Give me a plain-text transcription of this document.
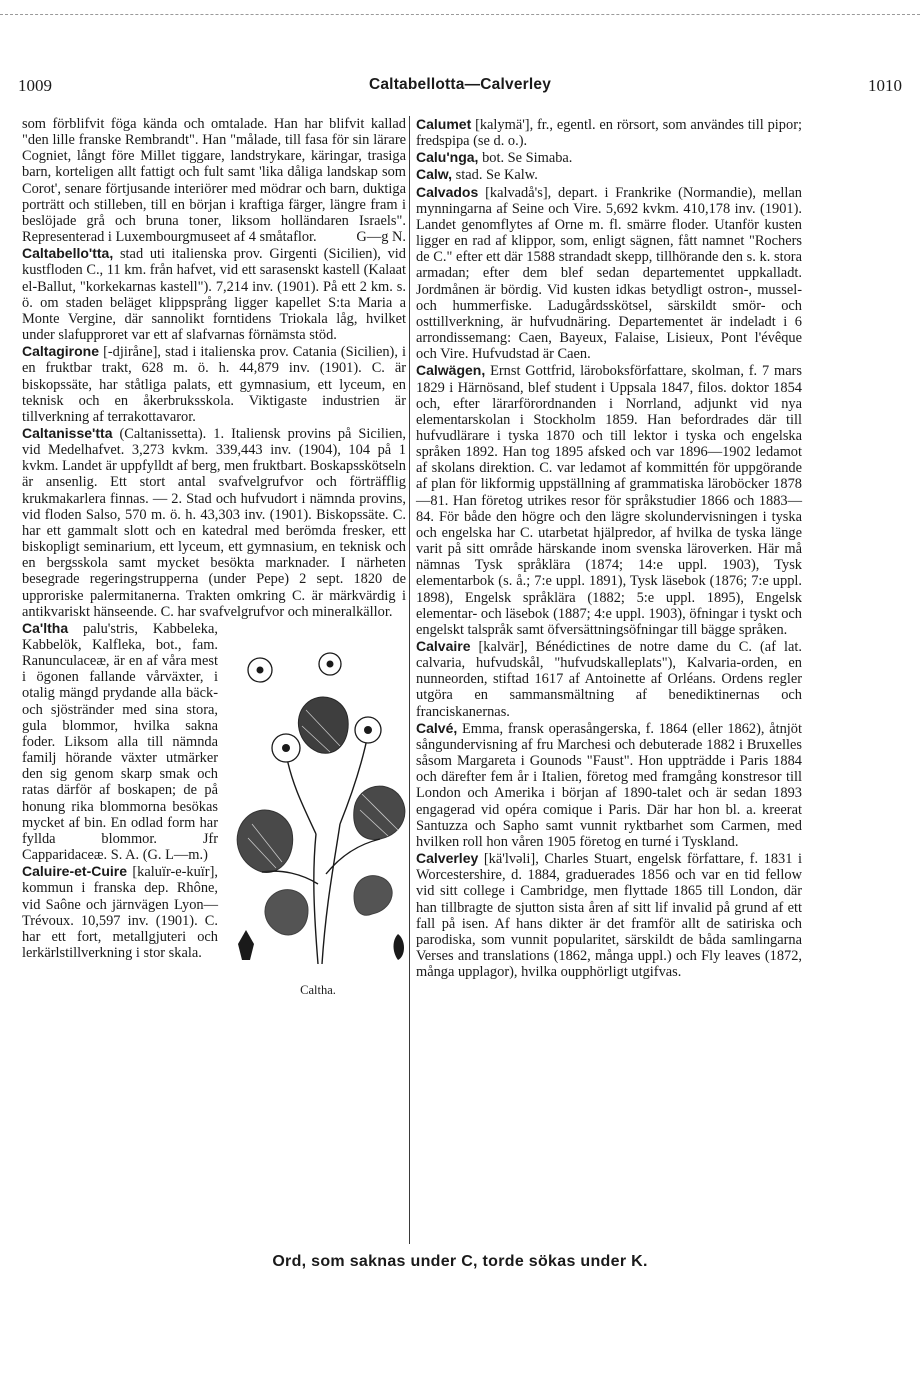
1009	Caltabellotta—Calverley	1010

som förblifvit föga kända och omtalade. Han har blifvit kallad "den lille franske Rembrandt". Han "målade, till fasa för sin lärare Cogniet, långt före Millet tiggare, landstrykare, käringar, trasiga barn, korteligen allt fattigt och fult samt 'lika dåliga landskap som Corot', senare förtjusande interiörer med mödrar och barn, duktiga porträtt och stilleben, till en början i kraftiga färger, längre fram i beslöjade grå och bruna toner, liksom holländaren Israels". Representerad i Luxembourgmuseet af 4 småtaflor.	G—g N.

Caltabello'tta, stad uti italienska prov. Girgenti (Sicilien), vid kustfloden C., 11 km. från hafvet, vid ett sarasenskt kastell (Kalaat el-Ballut, "korkekarnas kastell"). 7,214 inv. (1901). På ett 2 km. s. ö. om staden beläget klippsprång ligger kapellet S:ta Maria a Monte Vergine, där sannolikt forntidens Triokala låg, hvilket under slafupproret var ett af slafvarnas förnämsta stöd.

Caltagirone [-djiråne], stad i italienska prov. Catania (Sicilien), i en fruktbar trakt, 628 m. ö. h. 44,879 inv. (1901). C. är biskopssäte, har ståtliga palats, ett gymnasium, ett lyceum, en teknisk och en åkerbruksskola. Viktigaste industrien är tillverkning af terrakottavaror.

Caltanisse'tta (Caltanissetta). 1. Italiensk provins på Sicilien, vid Medelhafvet. 3,273 kvkm. 339,443 inv. (1904), 104 på 1 kvkm. Landet är uppfylldt af berg, men fruktbart. Boskapsskötseln är ansenlig. Ett stort antal svafvelgrufvor och förträfflig krukmakarlera finnas. — 2. Stad och hufvudort i nämnda provins, vid floden Salso, 570 m. ö. h. 43,303 inv. (1901). Biskopssäte. C. har ett gammalt slott och en katedral med berömda fresker, ett biskopligt seminarium, ett lyceum, ett gymnasium, en teknisk och en bergsskola samt mycket besökta marknader. I närheten besegrade regeringstrupperna (under Pepe) 2 sept. 1820 de upproriske palermitanerna. Trakten omkring C. är märkvärdig i antikvariskt hänseende. C. har svafvelgrufvor och mineralkällor.

Caltha.

Ca'ltha palu'stris, Kabbeleka, Kabbelök, Kalfleka, bot., fam. Ranunculaceæ, är en af våra mest i ögonen fallande vårväxter, i otalig mängd prydande alla bäck- och sjöstränder med sina stora, gula blommor, hvilka sakna foder. Liksom alla till nämnda familj hörande växter utmärker den sig genom skarp smak och ratas därför af boskapen; de på honung rika blommorna besökas mycket af bin. En odlad form har fyllda blommor. Jfr Capparidaceæ. S. A. (G. L—m.)

Caluire-et-Cuire [kaluïr-e-kuïr], kommun i franska dep. Rhône, vid Saône och järnvägen Lyon—Trévoux. 10,597 inv. (1901). C. har ett fort, metallgjuteri och lerkärlstillverkning i stor skala.

Calumet [kalymä'], fr., egentl. en rörsort, som användes till pipor; fredspipa (se d. o.).

Calu'nga, bot. Se Simaba.

Calw, stad. Se Kalw.

Calvados [kalvadå's], depart. i Frankrike (Normandie), mellan mynningarna af Seine och Vire. 5,692 kvkm. 410,178 inv. (1901). Landet genomflytes af Orne m. fl. smärre floder. Utanför kusten ligger en rad af klippor, som, enligt sägnen, fått namnet "Rochers de C." efter ett där 1588 strandadt skepp, tillhörande den s. k. stora armadan; efter dem blef sedan departementet uppkalladt. Jordmånen är bördig. Vid kusten idkas betydligt ostron-, mussel- och hummerfiske. Ladugårdsskötsel, särskildt smör- och osttillverkning, är hufvudnäring. Departementet är indeladt i 6 arrondissemang: Caen, Bayeux, Falaise, Lisieux, Pont l'évêque och Vire. Hufvudstad är Caen.

Calwägen, Ernst Gottfrid, läroboksförfattare, skolman, f. 7 mars 1829 i Härnösand, blef student i Uppsala 1847, filos. doktor 1854 och, efter lärarförordnanden i Norrland, adjunkt vid nya elementarskolan i Stockholm 1859. Han befordrades där till hufvudlärare i tyska 1870 och till lektor i tyska och engelska språken 1892. Han tog 1895 afsked och var 1896—1902 ledamot af skolans direktion. C. var ledamot af kommittén för uppgörande af plan för likformig uppställning af grammatiska läroböcker 1878—81. Han företog utrikes resor för språkstudier 1866 och 1883—84. För både den högre och den lägre skolundervisningen i tyska och engelska har C. utarbetat hjälpredor, af hvilka de tyska länge varit på sitt område härskande inom svenska läroverken. Här må nämnas Tysk språklära (1874; 14:e uppl. 1903), Tysk elementarbok (s. å.; 7:e uppl. 1891), Tysk läsebok (1876; 7:e uppl. 1898), Engelsk språklära (1882; 5:e uppl. 1895), Engelsk elementar- och läsebok (1887; 4:e uppl. 1903), öfningar i tyskt och engelskt talspråk samt öfversättningsöfningar till bägge språken.

Calvaire [kalvär], Bénédictines de notre dame du C. (af lat. calvaria, hufvudskål, "hufvudskalleplats"), Kalvaria-orden, en nunneorden, stiftad 1617 af Antoinette af Orléans. Ordens regler utgöra en sammansmältning af benediktinernas och franciskanernas.

Calvé, Emma, fransk operasångerska, f. 1864 (eller 1862), åtnjöt sångundervisning af fru Marchesi och debuterade 1882 i Bruxelles såsom Margareta i Gounods "Faust". Hon uppträdde i Paris 1884 och därefter fem år i Italien, företog med framgång konstresor till London och Amerika i början af 1890-talet och är sedan 1893 engagerad vid opéra comique i Paris. Där har hon bl. a. kreerat Santuzza och Sapho samt vunnit ryktbarhet som Carmen, med hvilken roll hon våren 1905 företog en turné i Tyskland.

Calverley [kä'lvəli], Charles Stuart, engelsk författare, f. 1831 i Worcestershire, d. 1884, graduerades 1856 och var en tid fellow vid sitt college i Cambridge, men flyttade 1865 till London, där han tillbragte de sjutton sista åren af sitt lif invalid på grund af ett fall på isen. Af hans dikter är det framför allt de satiriska och parodiska, som vunnit popularitet, särskildt de båda samlingarna Verses and translations (1862, många uppl.) och Fly leaves (1872, många upplagor), hvilka oupphörligt utgifvas.

Ord, som saknas under C, torde sökas under K.
